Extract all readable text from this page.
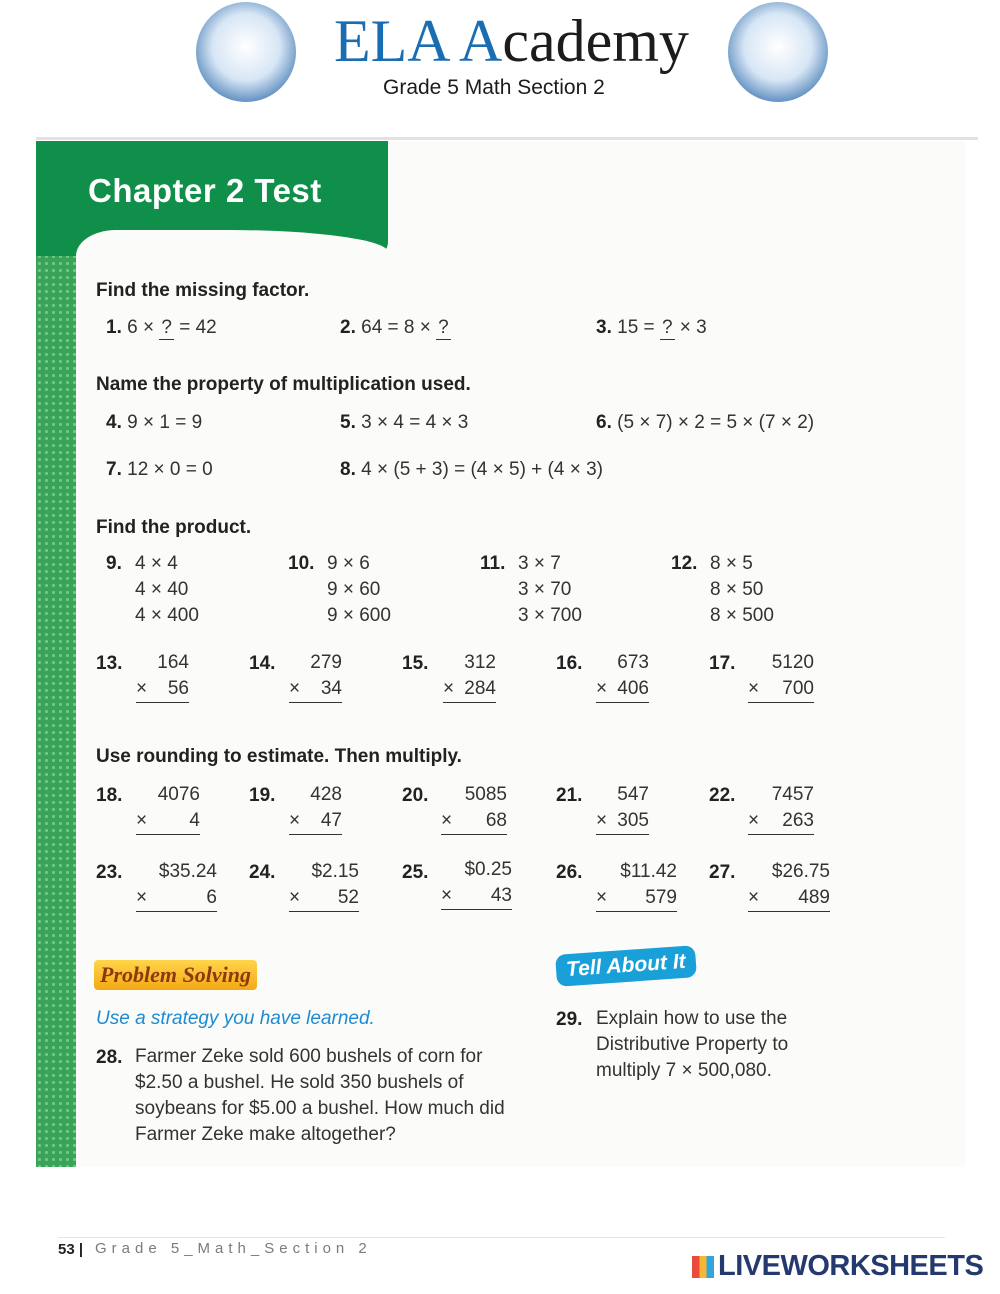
ELA Academy
Grade 5 Math Section 2
Chapter 2 Test
Find the missing factor.
1. 6 × ? = 42	2. 64 = 8 × ?	3. 15 = ? × 3
Name the property of multiplication used.
4. 9 × 1 = 9	5. 3 × 4 = 4 × 3	6. (5 × 7) × 2 = 5 × (7 × 2)
7. 12 × 0 = 0	8. 4 × (5 + 3) = (4 × 5) + (4 × 3)
Find the product.
9. 4 × 4
4 × 40
4 × 400
10. 9 × 6
9 × 60
9 × 600
11. 3 × 7
3 × 70
3 × 700
12. 8 × 5
8 × 50
8 × 500
13.	164
× 56
14.	279
× 34
15.	312
× 284
16.	673
× 406
17.	5120
× 700
Use rounding to estimate. Then multiply.
18.	4076
× 4
19.	428
× 47
20.	5085
× 68
21.	547
× 305
22.	7457
× 263
23.	$35.24
×	6
24.	$2.15
× 52
25.	$0.25
× 43
26.	$11.42
× 579
27.	$26.75
× 489
Problem Solving
Use a strategy you have learned.
28. Farmer Zeke sold 600 bushels of corn for $2.50 a bushel. He sold 350 bushels of soybeans for $5.00 a bushel. How much did Farmer Zeke make altogether?
Tell About It
29. Explain how to use the Distributive Property to multiply 7 × 500,080.
53 | Grade 5_Math_Section 2
LIVEWORKSHEETS
